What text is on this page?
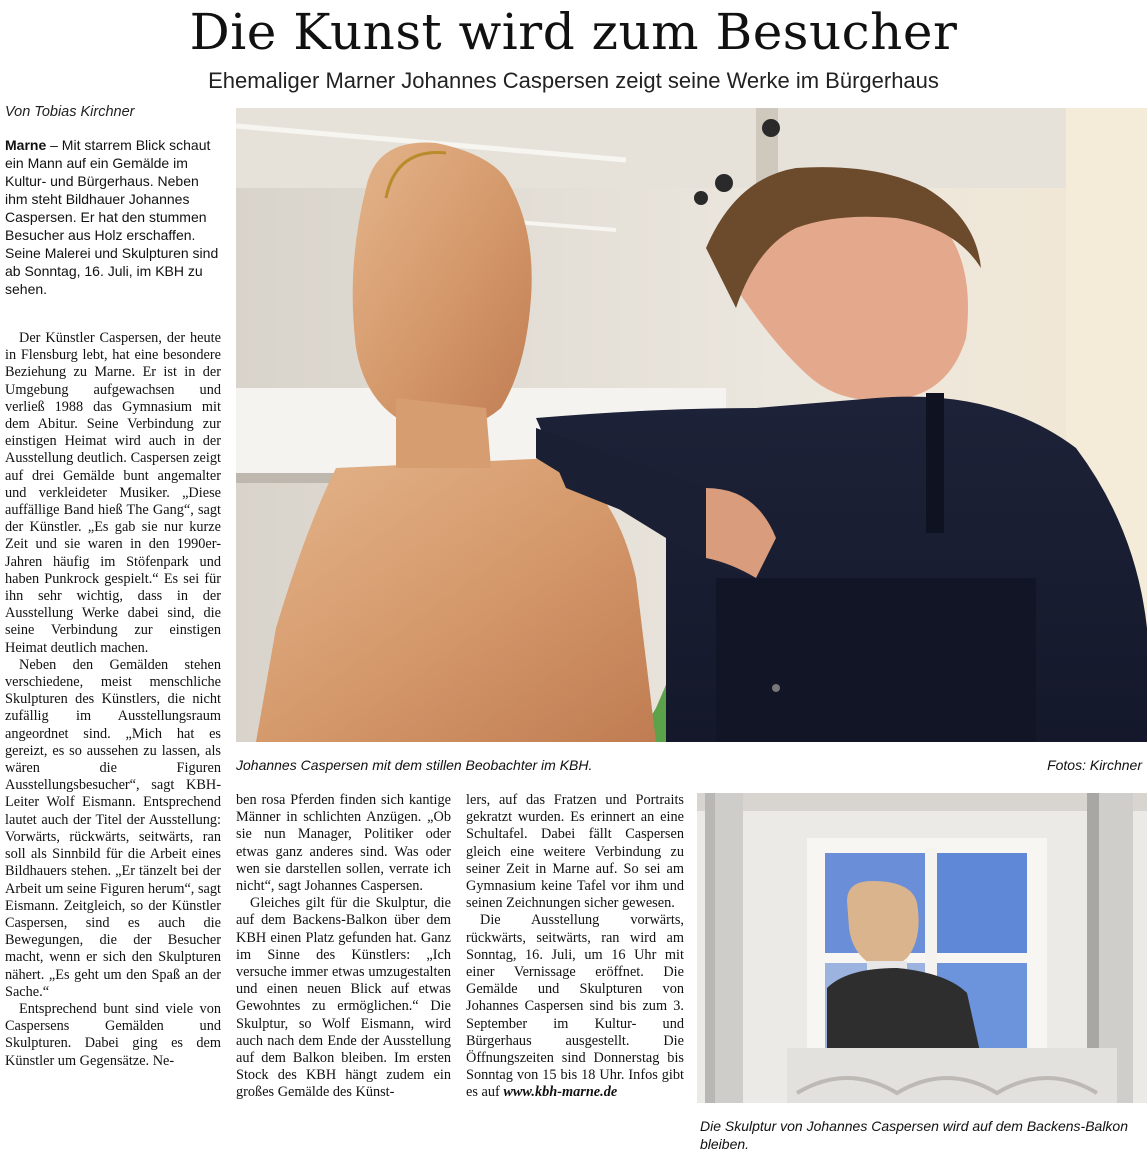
Die Kunst wird zum Besucher
Ehemaliger Marner Johannes Caspersen zeigt seine Werke im Bürgerhaus
Von Tobias Kirchner

Marne – Mit starrem Blick schaut ein Mann auf ein Gemälde im Kultur- und Bürgerhaus. Neben ihm steht Bildhauer Johannes Caspersen. Er hat den stummen Besucher aus Holz erschaffen. Seine Malerei und Skulpturen sind ab Sonntag, 16. Juli, im KBH zu sehen.

Der Künstler Caspersen, der heute in Flensburg lebt, hat eine besondere Beziehung zu Marne. Er ist in der Umgebung aufgewachsen und verließ 1988 das Gymnasium mit dem Abitur. Seine Verbindung zur einstigen Heimat wird auch in der Ausstellung deutlich. Caspersen zeigt auf drei Gemälde bunt angemalter und verkleideter Musiker. „Diese auffällige Band hieß The Gang“, sagt der Künstler. „Es gab sie nur kurze Zeit und sie waren in den 1990er-Jahren häufig im Stöfenpark und haben Punkrock gespielt.“ Es sei für ihn sehr wichtig, dass in der Ausstellung Werke dabei sind, die seine Verbindung zur einstigen Heimat deutlich machen.

Neben den Gemälden stehen verschiedene, meist menschliche Skulpturen des Künstlers, die nicht zufällig im Ausstellungsraum angeordnet sind. „Mich hat es gereizt, es so aussehen zu lassen, als wären die Figuren Ausstellungsbesucher“, sagt KBH-Leiter Wolf Eismann. Entsprechend lautet auch der Titel der Ausstellung: Vorwärts, rückwärts, seitwärts, ran soll als Sinnbild für die Arbeit eines Bildhauers stehen. „Er tänzelt bei der Arbeit um seine Figuren herum“, sagt Eismann. Zeitgleich, so der Künstler Caspersen, sind es auch die Bewegungen, die der Besucher macht, wenn er sich den Skulpturen nähert. „Es geht um den Spaß an der Sache.“

Entsprechend bunt sind viele von Caspersens Gemälden und Skulpturen. Dabei ging es dem Künstler um Gegensätze. Ne-

ben rosa Pferden finden sich kantige Männer in schlichten Anzügen. „Ob sie nun Manager, Politiker oder etwas ganz anderes sind. Was oder wen sie darstellen sollen, verrate ich nicht“, sagt Johannes Caspersen.

Gleiches gilt für die Skulptur, die auf dem Backens-Balkon über dem KBH einen Platz gefunden hat. Ganz im Sinne des Künstlers: „Ich versuche immer etwas umzugestalten und einen neuen Blick auf etwas Gewohntes zu ermöglichen.“ Die Skulptur, so Wolf Eismann, wird auch nach dem Ende der Ausstellung auf dem Balkon bleiben. Im ersten Stock des KBH hängt zudem ein großes Gemälde des Künst-

lers, auf das Fratzen und Portraits gekratzt wurden. Es erinnert an eine Schultafel. Dabei fällt Caspersen gleich eine weitere Verbindung zu seiner Zeit in Marne auf. So sei am Gymnasium keine Tafel vor ihm und seinen Zeichnungen sicher gewesen.

Die Ausstellung vorwärts, rückwärts, seitwärts, ran wird am Sonntag, 16. Juli, um 16 Uhr mit einer Vernissage eröffnet. Die Gemälde und Skulpturen von Johannes Caspersen sind bis zum 3. September im Kultur- und Bürgerhaus ausgestellt. Die Öffnungszeiten sind Donnerstag bis Sonntag von 15 bis 18 Uhr. Infos gibt es auf www.kbh-marne.de

Johannes Caspersen mit dem stillen Beobachter im KBH.	Fotos: Kirchner
Die Skulptur von Johannes Caspersen wird auf dem Backens-Balkon bleiben.
